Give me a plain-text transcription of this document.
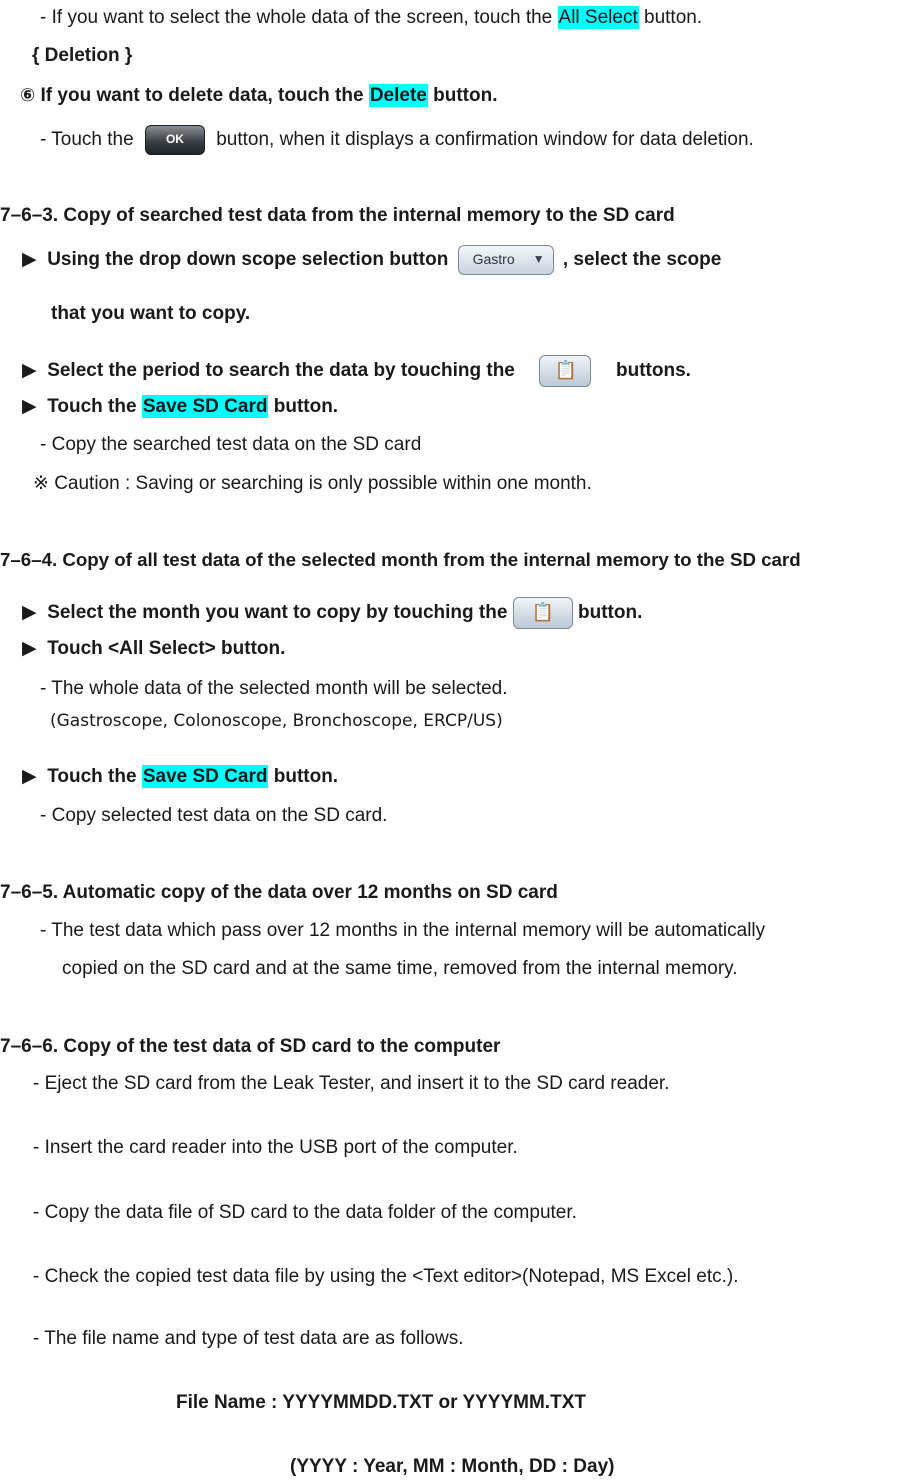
- If you want to select the whole data of the screen, touch the All Select button.
{ Deletion }
⑥ If you want to delete data, touch the Delete button.
- Touch the	OK button, when it displays a confirmation window for data deletion.
7–6–3. Copy of searched test data from the internal memory to the SD card
▶ Using the drop down scope selection button Gastro ▼ , select the scope
that you want to copy.
▶ Select the period to search the data by touching the 📋 buttons.
▶ Touch the Save SD Card button.
- Copy the searched test data on the SD card
※ Caution : Saving or searching is only possible within one month.
7–6–4. Copy of all test data of the selected month from the internal memory to the SD card
▶ Select the month you want to copy by touching the 📋 button.
▶ Touch <All Select> button.
- The whole data of the selected month will be selected.
(Gastroscope, Colonoscope, Bronchoscope, ERCP/US)
▶ Touch the Save SD Card button.
- Copy selected test data on the SD card.
7–6–5. Automatic copy of the data over 12 months on SD card
- The test data which pass over 12 months in the internal memory will be automatically
copied on the SD card and at the same time, removed from the internal memory.
7–6–6. Copy of the test data of SD card to the computer
- Eject the SD card from the Leak Tester, and insert it to the SD card reader.
- Insert the card reader into the USB port of the computer.
- Copy the data file of SD card to the data folder of the computer.
- Check the copied test data file by using the <Text editor>(Notepad, MS Excel etc.).
- The file name and type of test data are as follows.
File Name : YYYYMMDD.TXT or YYYYMM.TXT
(YYYY : Year, MM : Month, DD : Day)
